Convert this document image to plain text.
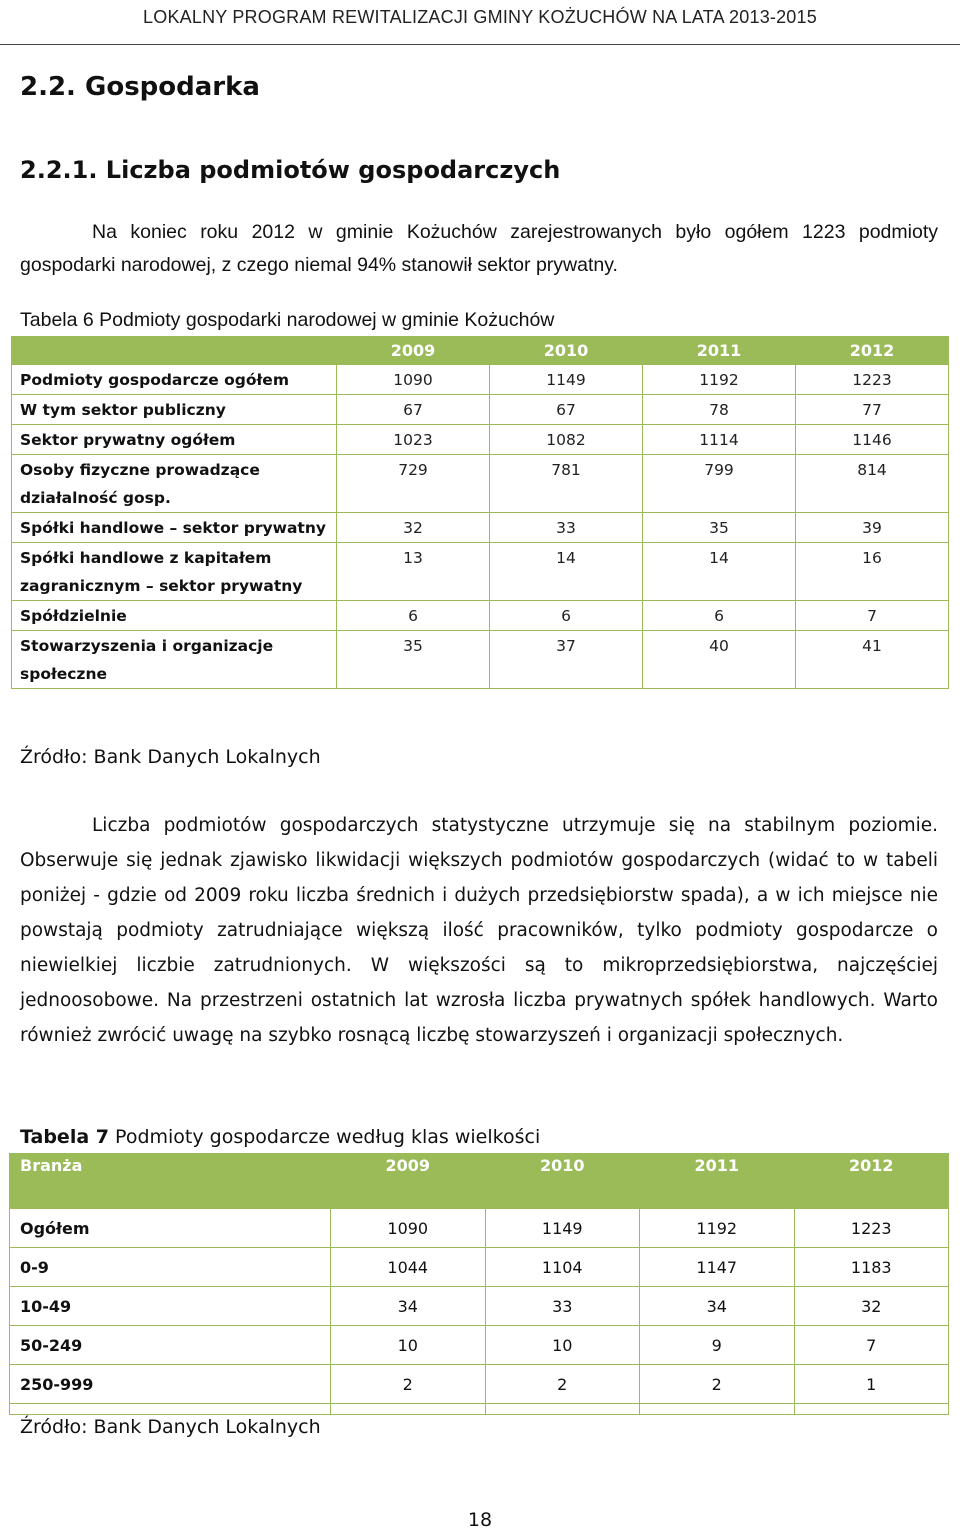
LOKALNY PROGRAM REWITALIZACJI GMINY KOŻUCHÓW NA LATA 2013-2015
2.2. Gospodarka
2.2.1. Liczba podmiotów gospodarczych

Na koniec roku 2012 w gminie Kożuchów zarejestrowanych było ogółem 1223 podmioty gospodarki narodowej, z czego niemal 94% stanowił sektor prywatny.

Tabela 6 Podmioty gospodarki narodowej w gminie Kożuchów
	2009	2010	2011	2012
Podmioty gospodarcze ogółem	1090	1149	1192	1223
W tym sektor publiczny	67	67	78	77
Sektor prywatny ogółem	1023	1082	1114	1146
Osoby fizyczne prowadzące działalność gosp.	729	781	799	814
Spółki handlowe – sektor prywatny	32	33	35	39
Spółki handlowe z kapitałem zagranicznym – sektor prywatny	13	14	14	16
Spółdzielnie	6	6	6	7
Stowarzyszenia i organizacje społeczne	35	37	40	41
Źródło: Bank Danych Lokalnych

Liczba podmiotów gospodarczych statystyczne utrzymuje się na stabilnym poziomie. Obserwuje się jednak zjawisko likwidacji większych podmiotów gospodarczych (widać to w tabeli poniżej - gdzie od 2009 roku liczba średnich i dużych przedsiębiorstw spada), a w ich miejsce nie powstają podmioty zatrudniające większą ilość pracowników, tylko podmioty gospodarcze o niewielkiej liczbie zatrudnionych. W większości są to mikroprzedsiębiorstwa, najczęściej jednoosobowe. Na przestrzeni ostatnich lat wzrosła liczba prywatnych spółek handlowych. Warto również zwrócić uwagę na szybko rosnącą liczbę stowarzyszeń i organizacji społecznych.

Tabela 7 Podmioty gospodarcze według klas wielkości
Branża	2009	2010	2011	2012
Ogółem	1090	1149	1192	1223
0-9	1044	1104	1147	1183
10-49	34	33	34	32
50-249	10	10	9	7
250-999	2	2	2	1

Źródło: Bank Danych Lokalnych
18
